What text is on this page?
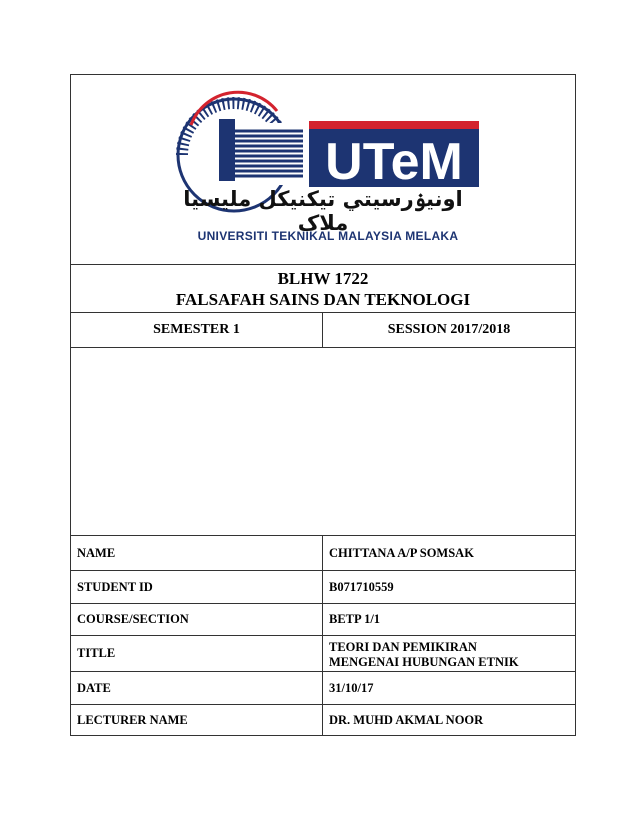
UTeM
اونيۏرسيتي تيکنيکل مليسيا ملاک
UNIVERSITI TEKNIKAL MALAYSIA MELAKA
BLHW 1722
FALSAFAH SAINS DAN TEKNOLOGI
SEMESTER 1	SESSION 2017/2018
NAME	CHITTANA A/P SOMSAK
STUDENT ID	B071710559
COURSE/SECTION	BETP 1/1
TITLE	TEORI DAN PEMIKIRAN
MENGENAI HUBUNGAN ETNIK
DATE	31/10/17
LECTURER NAME	DR. MUHD AKMAL NOOR
